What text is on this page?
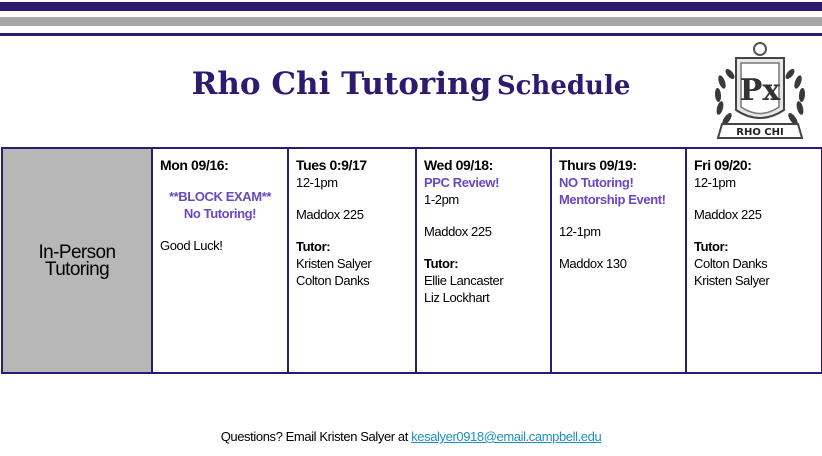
Rho Chi Tutoring Schedule	Px
RHO CHI
In-Person Tutoring	
Mon 09/16:
**BLOCK EXAM**
No Tutoring!
Good Luck!

Tues 0:9/17
12-1pm
Maddox 225
Tutor:
Kristen Salyer
Colton Danks

Wed 09/18:
PPC Review!
1-2pm
Maddox 225
Tutor:
Ellie Lancaster
Liz Lockhart

Thurs 09/19:
NO Tutoring!
Mentorship Event!
12-1pm
Maddox 130

Fri 09/20:
12-1pm
Maddox 225
Tutor:
Colton Danks
Kristen Salyer
Questions? Email Kristen Salyer at kesalyer0918@email.campbell.edu
